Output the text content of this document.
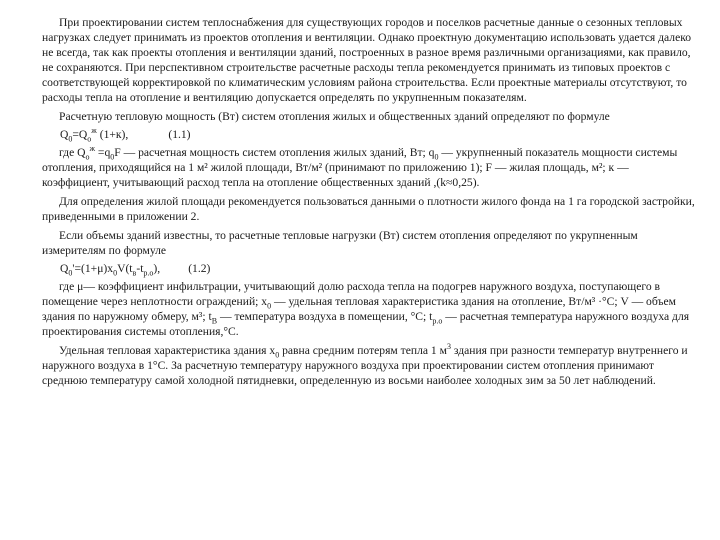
При проектировании систем теплоснабжения для существующих городов и поселков расчетные данные о сезонных тепловых нагрузках следует принимать из проектов отопления и вентиляции. Однако проектную документацию использовать удается далеко не всегда, так как проекты отопления и вентиляции зданий, построенных в разное время различными организациями, как правило, не сохраняются. При перспективном строительстве расчетные расходы тепла рекомендуется принимать из типовых проектов с соответствующей корректировкой по климатическим условиям района строительства. Если проектные материалы отсутствуют, то расходы тепла на отопление и вентиляцию допускается определять по укрупненным показателям.

Расчетную тепловую мощность (Вт) систем отопления жилых и общественных зданий определяют по формуле

$Q_0=Q_о^ж$ (1+к),	(1.1)

где $Q_о^ж =q_0F$ — расчетная мощность систем отопления жилых зданий, Вт; $q_0$ — укрупненный показатель мощности системы отопления, приходящийся на 1 м² жилой площади, Вт/м² (принимают по приложению 1); F — жилая площадь, м²; к — коэффициент, учитывающий расход тепла на отопление общественных зданий ,(k≈0,25).

Для определения жилой площади рекомендуется пользоваться данными о плотности жилого фонда на 1 га городской застройки, приведенными в приложении 2.

Если объемы зданий известны, то расчетные тепловые нагрузки (Вт) систем отопления определяют по укрупненным измерителям по формуле

$Q_0'=(1+\mu)x_0V(t_в-t_{р.о})$, (1.2)

где μ— коэффициент инфильтрации, учитывающий долю расхода тепла на подогрев наружного воздуха, поступающего в помещение через неплотности ограждений; $x_0$ — удельная тепловая характеристика здания на отопление, Вт/м³ ·°С; V — объем здания по наружному обмеру, м³; $t_В$ — температура воздуха в помещении, °С; $t_{р.о}$ — расчетная температура наружного воздуха для проектирования системы отопления,°С.

Удельная тепловая характеристика здания $x_0$ равна средним потерям тепла 1 $м^3$ здания при разности температур внутреннего и наружного воздуха в 1°С. За расчетную температуру наружного воздуха при проектировании систем отопления принимают среднюю температуру самой холодной пятидневки, определенную из восьми наиболее холодных зим за 50 лет наблюдений.
